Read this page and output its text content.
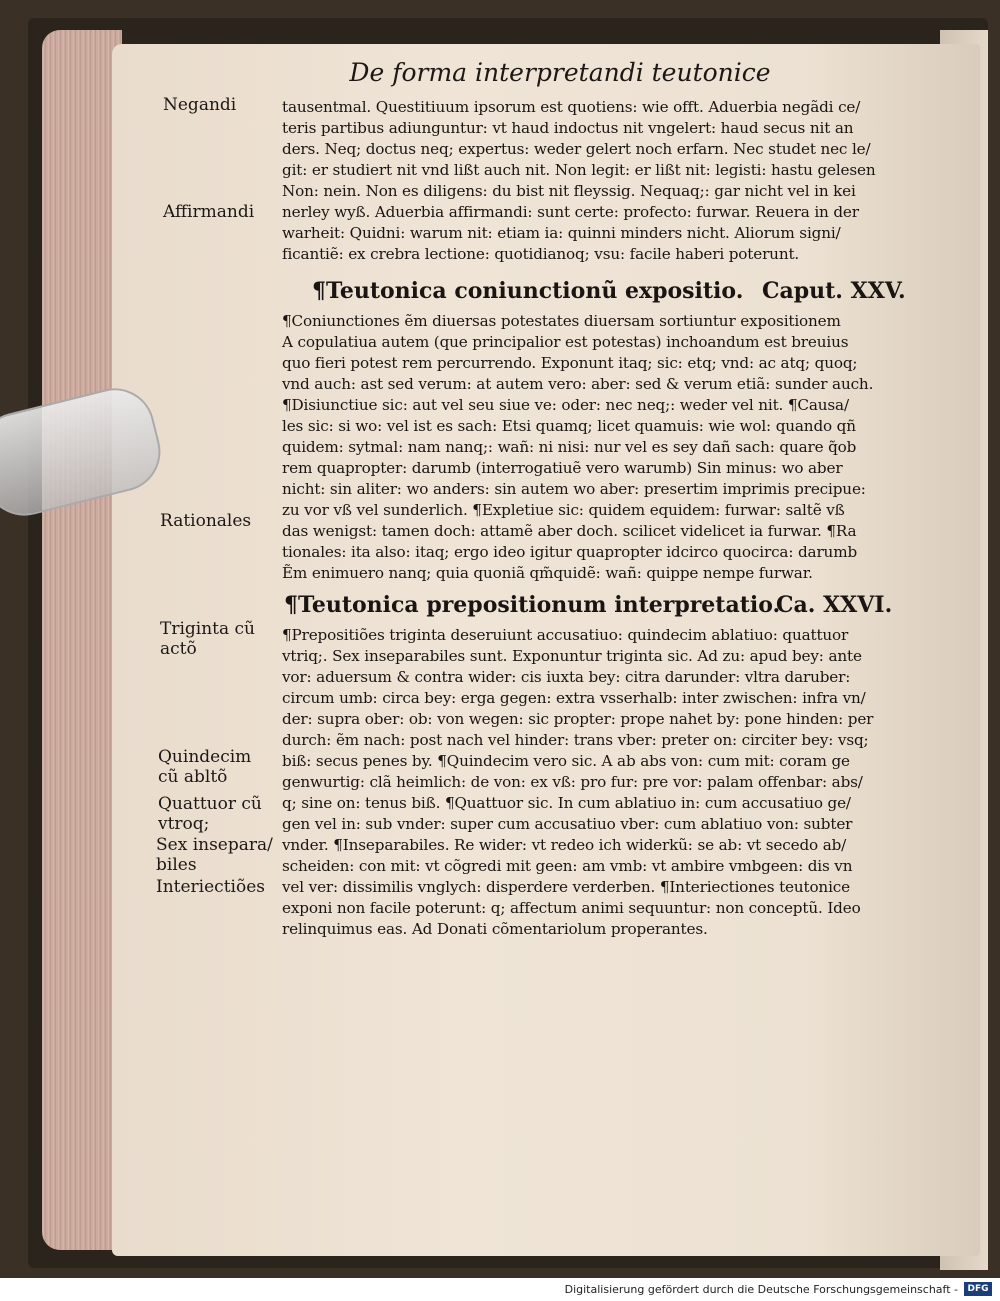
De forma interpretandi teutonice
Negandi
Affirmandi
Rationales
Triginta cũ
actõ
Quindecim
cũ abltõ
Quattuor cũ
vtroq;
Sex insepara/
biles
Interiectiões
tausentmal. Questitiuum ipsorum est quotiens: wie offt. Aduerbia negãdi ce/
teris partibus adiunguntur: vt haud indoctus nit vngelert: haud secus nit an
ders. Neq; doctus neq; expertus: weder gelert noch erfarn. Nec studet nec le/
git: er studiert nit vnd lißt auch nit. Non legit: er lißt nit: legisti: hastu gelesen
Non: nein. Non es diligens: du bist nit fleyssig. Nequaq;: gar nicht vel in kei
nerley wyß. Aduerbia affirmandi: sunt certe: profecto: furwar. Reuera in der
warheit: Quidni: warum nit: etiam ia: quinni minders nicht. Aliorum signi/
ficantiẽ: ex crebra lectione: quotidianoq; vsu: facile haberi poterunt.
¶Teutonica coniunctionũ expositio. Caput. XXV.
¶Coniunctiones ẽm diuersas potestates diuersam sortiuntur expositionem
A copulatiua autem (que principalior est potestas) inchoandum est breuius
quo fieri potest rem percurrendo. Exponunt itaq; sic: etq; vnd: ac atq; quoq;
vnd auch: ast sed verum: at autem vero: aber: sed & verum etiã: sunder auch.
¶Disiunctiue sic: aut vel seu siue ve: oder: nec neq;: weder vel nit. ¶Causa/
les sic: si wo: vel ist es sach: Etsi quamq; licet quamuis: wie wol: quando qñ
quidem: sytmal: nam nanq;: wañ: ni nisi: nur vel es sey dañ sach: quare q̃ob
rem quapropter: darumb (interrogatiuẽ vero warumb) Sin minus: wo aber
nicht: sin aliter: wo anders: sin autem wo aber: presertim imprimis precipue:
zu vor vß vel sunderlich. ¶Expletiue sic: quidem equidem: furwar: saltẽ vß
das wenigst: tamen doch: attamẽ aber doch. scilicet videlicet ia furwar. ¶Ra
tionales: ita also: itaq; ergo ideo igitur quapropter idcirco quocirca: darumb
Ẽm enimuero nanq; quia quoniã qm̃quidẽ: wañ: quippe nempe furwar.
¶Teutonica prepositionum interpretatio.
Ca. XXVI.
¶Prepositiões triginta deseruiunt accusatiuo: quindecim ablatiuo: quattuor
vtriq;. Sex inseparabiles sunt. Exponuntur triginta sic. Ad zu: apud bey: ante
vor: aduersum & contra wider: cis iuxta bey: citra darunder: vltra daruber:
circum umb: circa bey: erga gegen: extra vsserhalb: inter zwischen: infra vn/
der: supra ober: ob: von wegen: sic propter: prope nahet by: pone hinden: per
durch: ẽm nach: post nach vel hinder: trans vber: preter on: circiter bey: vsq;
biß: secus penes by. ¶Quindecim vero sic. A ab abs von: cum mit: coram ge
genwurtig: clã heimlich: de von: ex vß: pro fur: pre vor: palam offenbar: abs/
q; sine on: tenus biß. ¶Quattuor sic. In cum ablatiuo in: cum accusatiuo ge/
gen vel in: sub vnder: super cum accusatiuo vber: cum ablatiuo von: subter
vnder. ¶Inseparabiles. Re wider: vt redeo ich widerkũ: se ab: vt secedo ab/
scheiden: con mit: vt cõgredi mit geen: am vmb: vt ambire vmbgeen: dis vn
vel ver: dissimilis vnglych: disperdere verderben. ¶Interiectiones teutonice
exponi non facile poterunt: q; affectum animi sequuntur: non conceptũ. Ideo
relinquimus eas. Ad Donati cõmentariolum properantes.
Digitalisierung gefördert durch die Deutsche Forschungsgemeinschaft -	DFG
